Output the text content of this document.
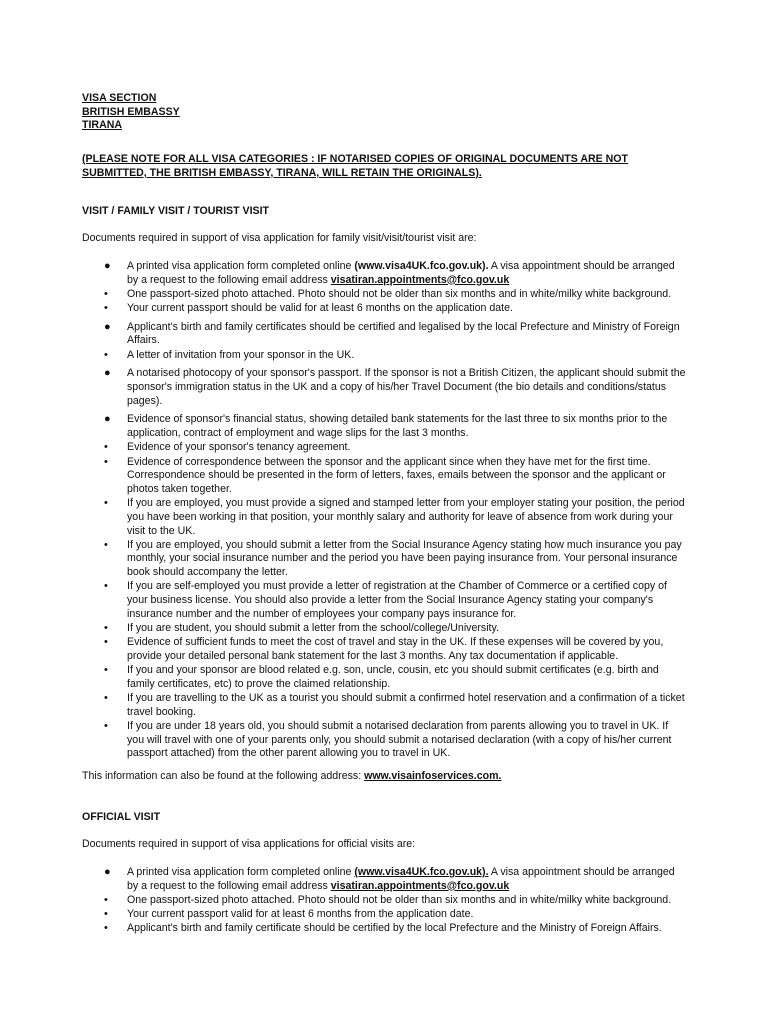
VISA SECTION
BRITISH EMBASSY
TIRANA
(PLEASE NOTE FOR ALL VISA CATEGORIES : IF NOTARISED COPIES OF ORIGINAL DOCUMENTS ARE NOT SUBMITTED, THE BRITISH EMBASSY, TIRANA, WILL RETAIN THE ORIGINALS).
VISIT / FAMILY VISIT / TOURIST VISIT
Documents required in support of visa application for family visit/visit/tourist visit are:
● A printed visa application form completed online (www.visa4UK.fco.gov.uk). A visa appointment should be arranged by a request to the following email address visatiran.appointments@fco.gov.uk
• One passport-sized photo attached. Photo should not be older than six months and in white/milky white background.
• Your current passport should be valid for at least 6 months on the application date.
● Applicant's birth and family certificates should be certified and legalised by the local Prefecture and Ministry of Foreign Affairs.
• A letter of invitation from your sponsor in the UK.
● A notarised photocopy of your sponsor's passport. If the sponsor is not a British Citizen, the applicant should submit the sponsor's immigration status in the UK and a copy of his/her Travel Document (the bio details and conditions/status pages).
● Evidence of sponsor's financial status, showing detailed bank statements for the last three to six months prior to the application, contract of employment and wage slips for the last 3 months.
• Evidence of your sponsor's tenancy agreement.
• Evidence of correspondence between the sponsor and the applicant since when they have met for the first time. Correspondence should be presented in the form of letters, faxes, emails between the sponsor and the applicant or photos taken together.
• If you are employed, you must provide a signed and stamped letter from your employer stating your position, the period you have been working in that position, your monthly salary and authority for leave of absence from work during your visit to the UK.
• If you are employed, you should submit a letter from the Social Insurance Agency stating how much insurance you pay monthly, your social insurance number and the period you have been paying insurance from. Your personal insurance book should accompany the letter.
• If you are self-employed you must provide a letter of registration at the Chamber of Commerce or a certified copy of your business license. You should also provide a letter from the Social Insurance Agency stating your company's insurance number and the number of employees your company pays insurance for.
• If you are student, you should submit a letter from the school/college/University.
• Evidence of sufficient funds to meet the cost of travel and stay in the UK. If these expenses will be covered by you, provide your detailed personal bank statement for the last 3 months. Any tax documentation if applicable.
• If you and your sponsor are blood related e.g. son, uncle, cousin, etc you should submit certificates (e.g. birth and family certificates, etc) to prove the claimed relationship.
• If you are travelling to the UK as a tourist you should submit a confirmed hotel reservation and a confirmation of a ticket travel booking.
• If you are under 18 years old, you should submit a notarised declaration from parents allowing you to travel in UK. If you will travel with one of your parents only, you should submit a notarised declaration (with a copy of his/her current passport attached) from the other parent allowing you to travel in UK.
This information can also be found at the following address: www.visainfoservices.com.
OFFICIAL VISIT
Documents required in support of visa applications for official visits are:
● A printed visa application form completed online (www.visa4UK.fco.gov.uk). A visa appointment should be arranged by a request to the following email address visatiran.appointments@fco.gov.uk
• One passport-sized photo attached. Photo should not be older than six months and in white/milky white background.
• Your current passport valid for at least 6 months from the application date.
• Applicant's birth and family certificate should be certified by the local Prefecture and the Ministry of Foreign Affairs.
